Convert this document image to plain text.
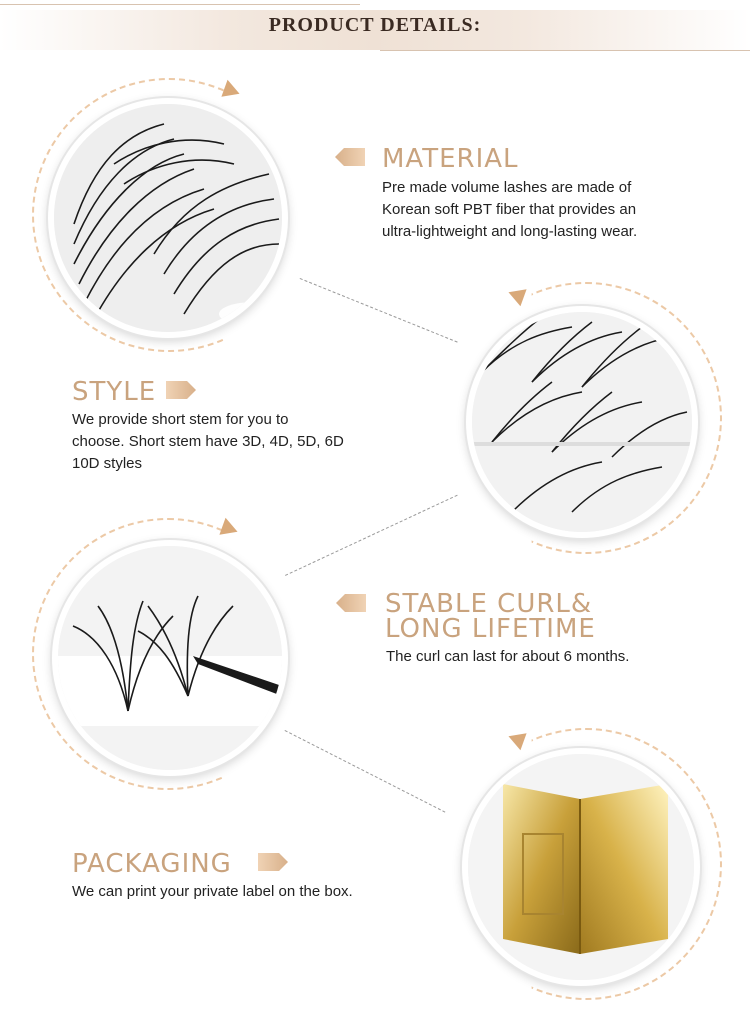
PRODUCT DETAILS:
MATERIAL
Pre made volume lashes are made of
Korean soft PBT fiber that provides an
ultra-lightweight and long-lasting wear.
STYLE
We provide short stem for you to
choose. Short stem have 3D, 4D, 5D, 6D
10D styles
STABLE CURL&
LONG LIFETIME
The curl can last for about 6 months.
PACKAGING
We can print your private label on the box.
